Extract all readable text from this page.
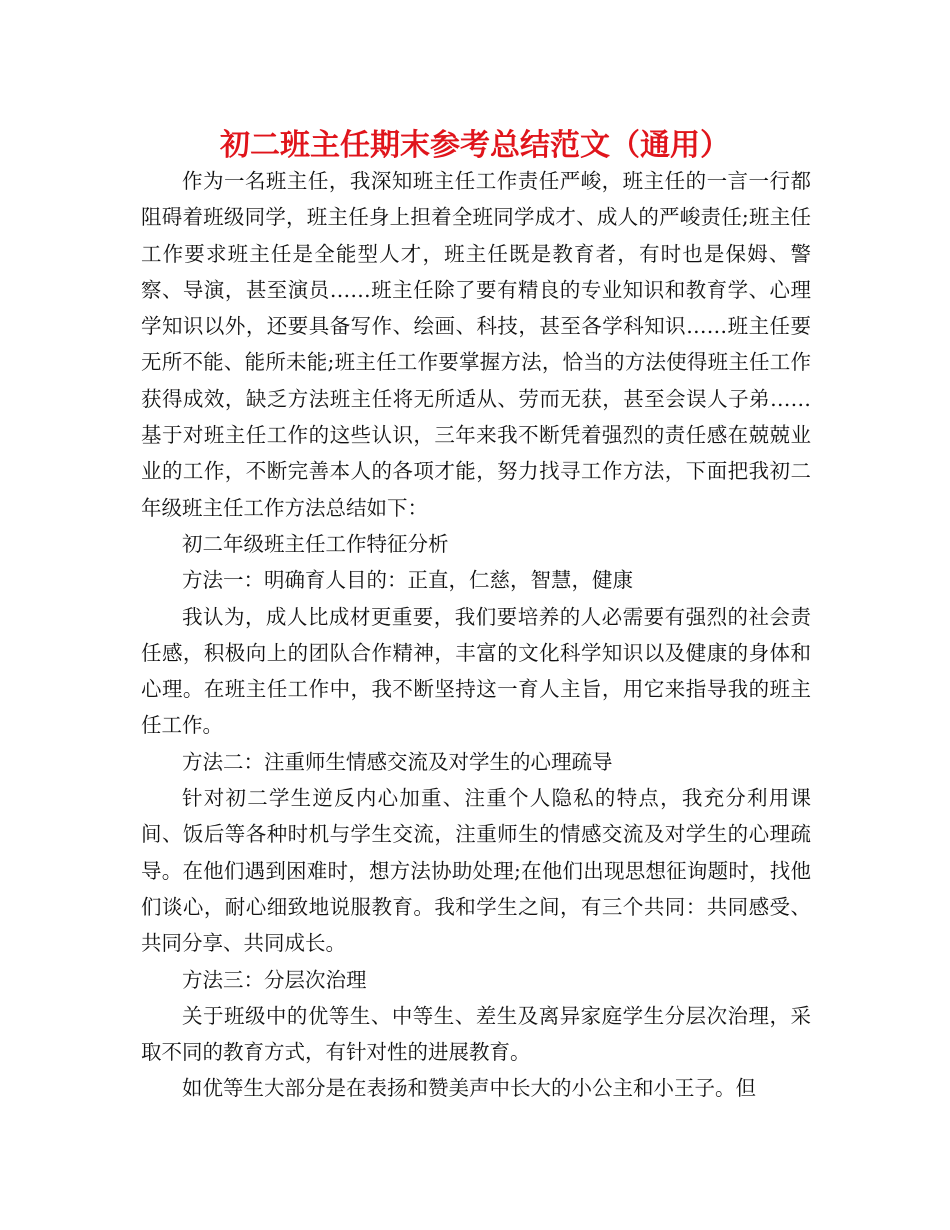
初二班主任期末参考总结范文（通用）

作为一名班主任，我深知班主任工作责任严峻，班主任的一言一行都阻碍着班级同学，班主任身上担着全班同学成才、成人的严峻责任;班主任工作要求班主任是全能型人才，班主任既是教育者，有时也是保姆、警察、导演，甚至演员……班主任除了要有精良的专业知识和教育学、心理学知识以外，还要具备写作、绘画、科技，甚至各学科知识……班主任要无所不能、能所未能;班主任工作要掌握方法，恰当的方法使得班主任工作获得成效，缺乏方法班主任将无所适从、劳而无获，甚至会误人子弟……基于对班主任工作的这些认识，三年来我不断凭着强烈的责任感在兢兢业业的工作，不断完善本人的各项才能，努力找寻工作方法，下面把我初二年级班主任工作方法总结如下：

初二年级班主任工作特征分析

方法一：明确育人目的：正直，仁慈，智慧，健康

我认为，成人比成材更重要，我们要培养的人必需要有强烈的社会责任感，积极向上的团队合作精神，丰富的文化科学知识以及健康的身体和心理。在班主任工作中，我不断坚持这一育人主旨，用它来指导我的班主任工作。

方法二：注重师生情感交流及对学生的心理疏导

针对初二学生逆反内心加重、注重个人隐私的特点，我充分利用课间、饭后等各种时机与学生交流，注重师生的情感交流及对学生的心理疏导。在他们遇到困难时，想方法协助处理;在他们出现思想征询题时，找他们谈心，耐心细致地说服教育。我和学生之间，有三个共同：共同感受、共同分享、共同成长。

方法三：分层次治理

关于班级中的优等生、中等生、差生及离异家庭学生分层次治理，采取不同的教育方式，有针对性的进展教育。

如优等生大部分是在表扬和赞美声中长大的小公主和小王子。但
